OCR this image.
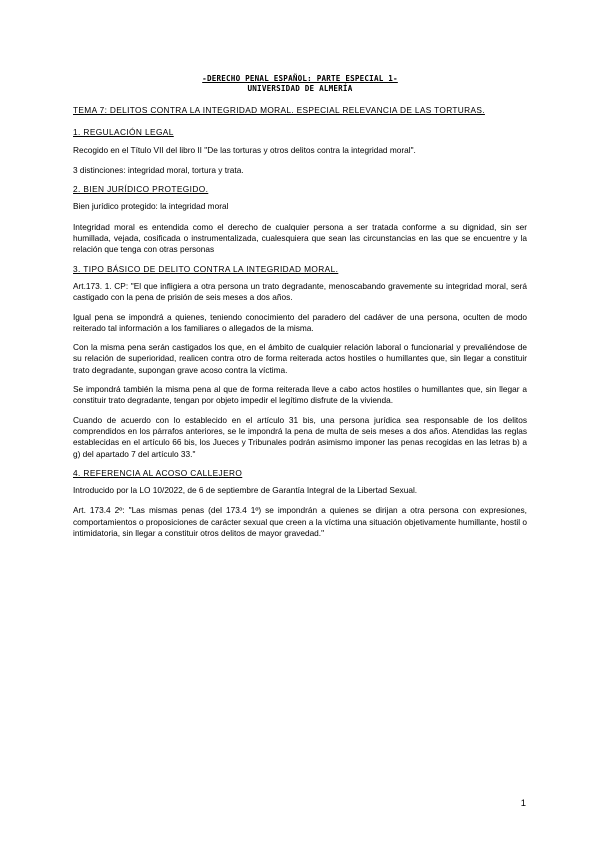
-DERECHO PENAL ESPAÑOL: PARTE ESPECIAL 1-
UNIVERSIDAD DE ALMERÍA
TEMA 7: DELITOS CONTRA LA INTEGRIDAD MORAL. ESPECIAL RELEVANCIA DE LAS TORTURAS.
1. REGULACIÓN LEGAL

Recogido en el Título VII del libro II "De las torturas y otros delitos contra la integridad moral".

3 distinciones: integridad moral, tortura y trata.

2. BIEN JURÍDICO PROTEGIDO.

Bien jurídico protegido: la integridad moral

Integridad moral es entendida como el derecho de cualquier persona a ser tratada conforme a su dignidad, sin ser humillada, vejada, cosificada o instrumentalizada, cualesquiera que sean las circunstancias en las que se encuentre y la relación que tenga con otras personas

3. TIPO BÁSICO DE DELITO CONTRA LA INTEGRIDAD MORAL.

Art.173. 1. CP: "El que infligiera a otra persona un trato degradante, menoscabando gravemente su integridad moral, será castigado con la pena de prisión de seis meses a dos años.

Igual pena se impondrá a quienes, teniendo conocimiento del paradero del cadáver de una persona, oculten de modo reiterado tal información a los familiares o allegados de la misma.

Con la misma pena serán castigados los que, en el ámbito de cualquier relación laboral o funcionarial y prevaliéndose de su relación de superioridad, realicen contra otro de forma reiterada actos hostiles o humillantes que, sin llegar a constituir trato degradante, supongan grave acoso contra la víctima.

Se impondrá también la misma pena al que de forma reiterada lleve a cabo actos hostiles o humillantes que, sin llegar a constituir trato degradante, tengan por objeto impedir el legítimo disfrute de la vivienda.

Cuando de acuerdo con lo establecido en el artículo 31 bis, una persona jurídica sea responsable de los delitos comprendidos en los párrafos anteriores, se le impondrá la pena de multa de seis meses a dos años. Atendidas las reglas establecidas en el artículo 66 bis, los Jueces y Tribunales podrán asimismo imponer las penas recogidas en las letras b) a g) del apartado 7 del artículo 33."

4. REFERENCIA AL ACOSO CALLEJERO

Introducido por la LO 10/2022, de 6 de septiembre de Garantía Integral de la Libertad Sexual.

Art. 173.4 2º: "Las mismas penas (del 173.4 1º) se impondrán a quienes se dirijan a otra persona con expresiones, comportamientos o proposiciones de carácter sexual que creen a la víctima una situación objetivamente humillante, hostil o intimidatoria, sin llegar a constituir otros delitos de mayor gravedad."

1
